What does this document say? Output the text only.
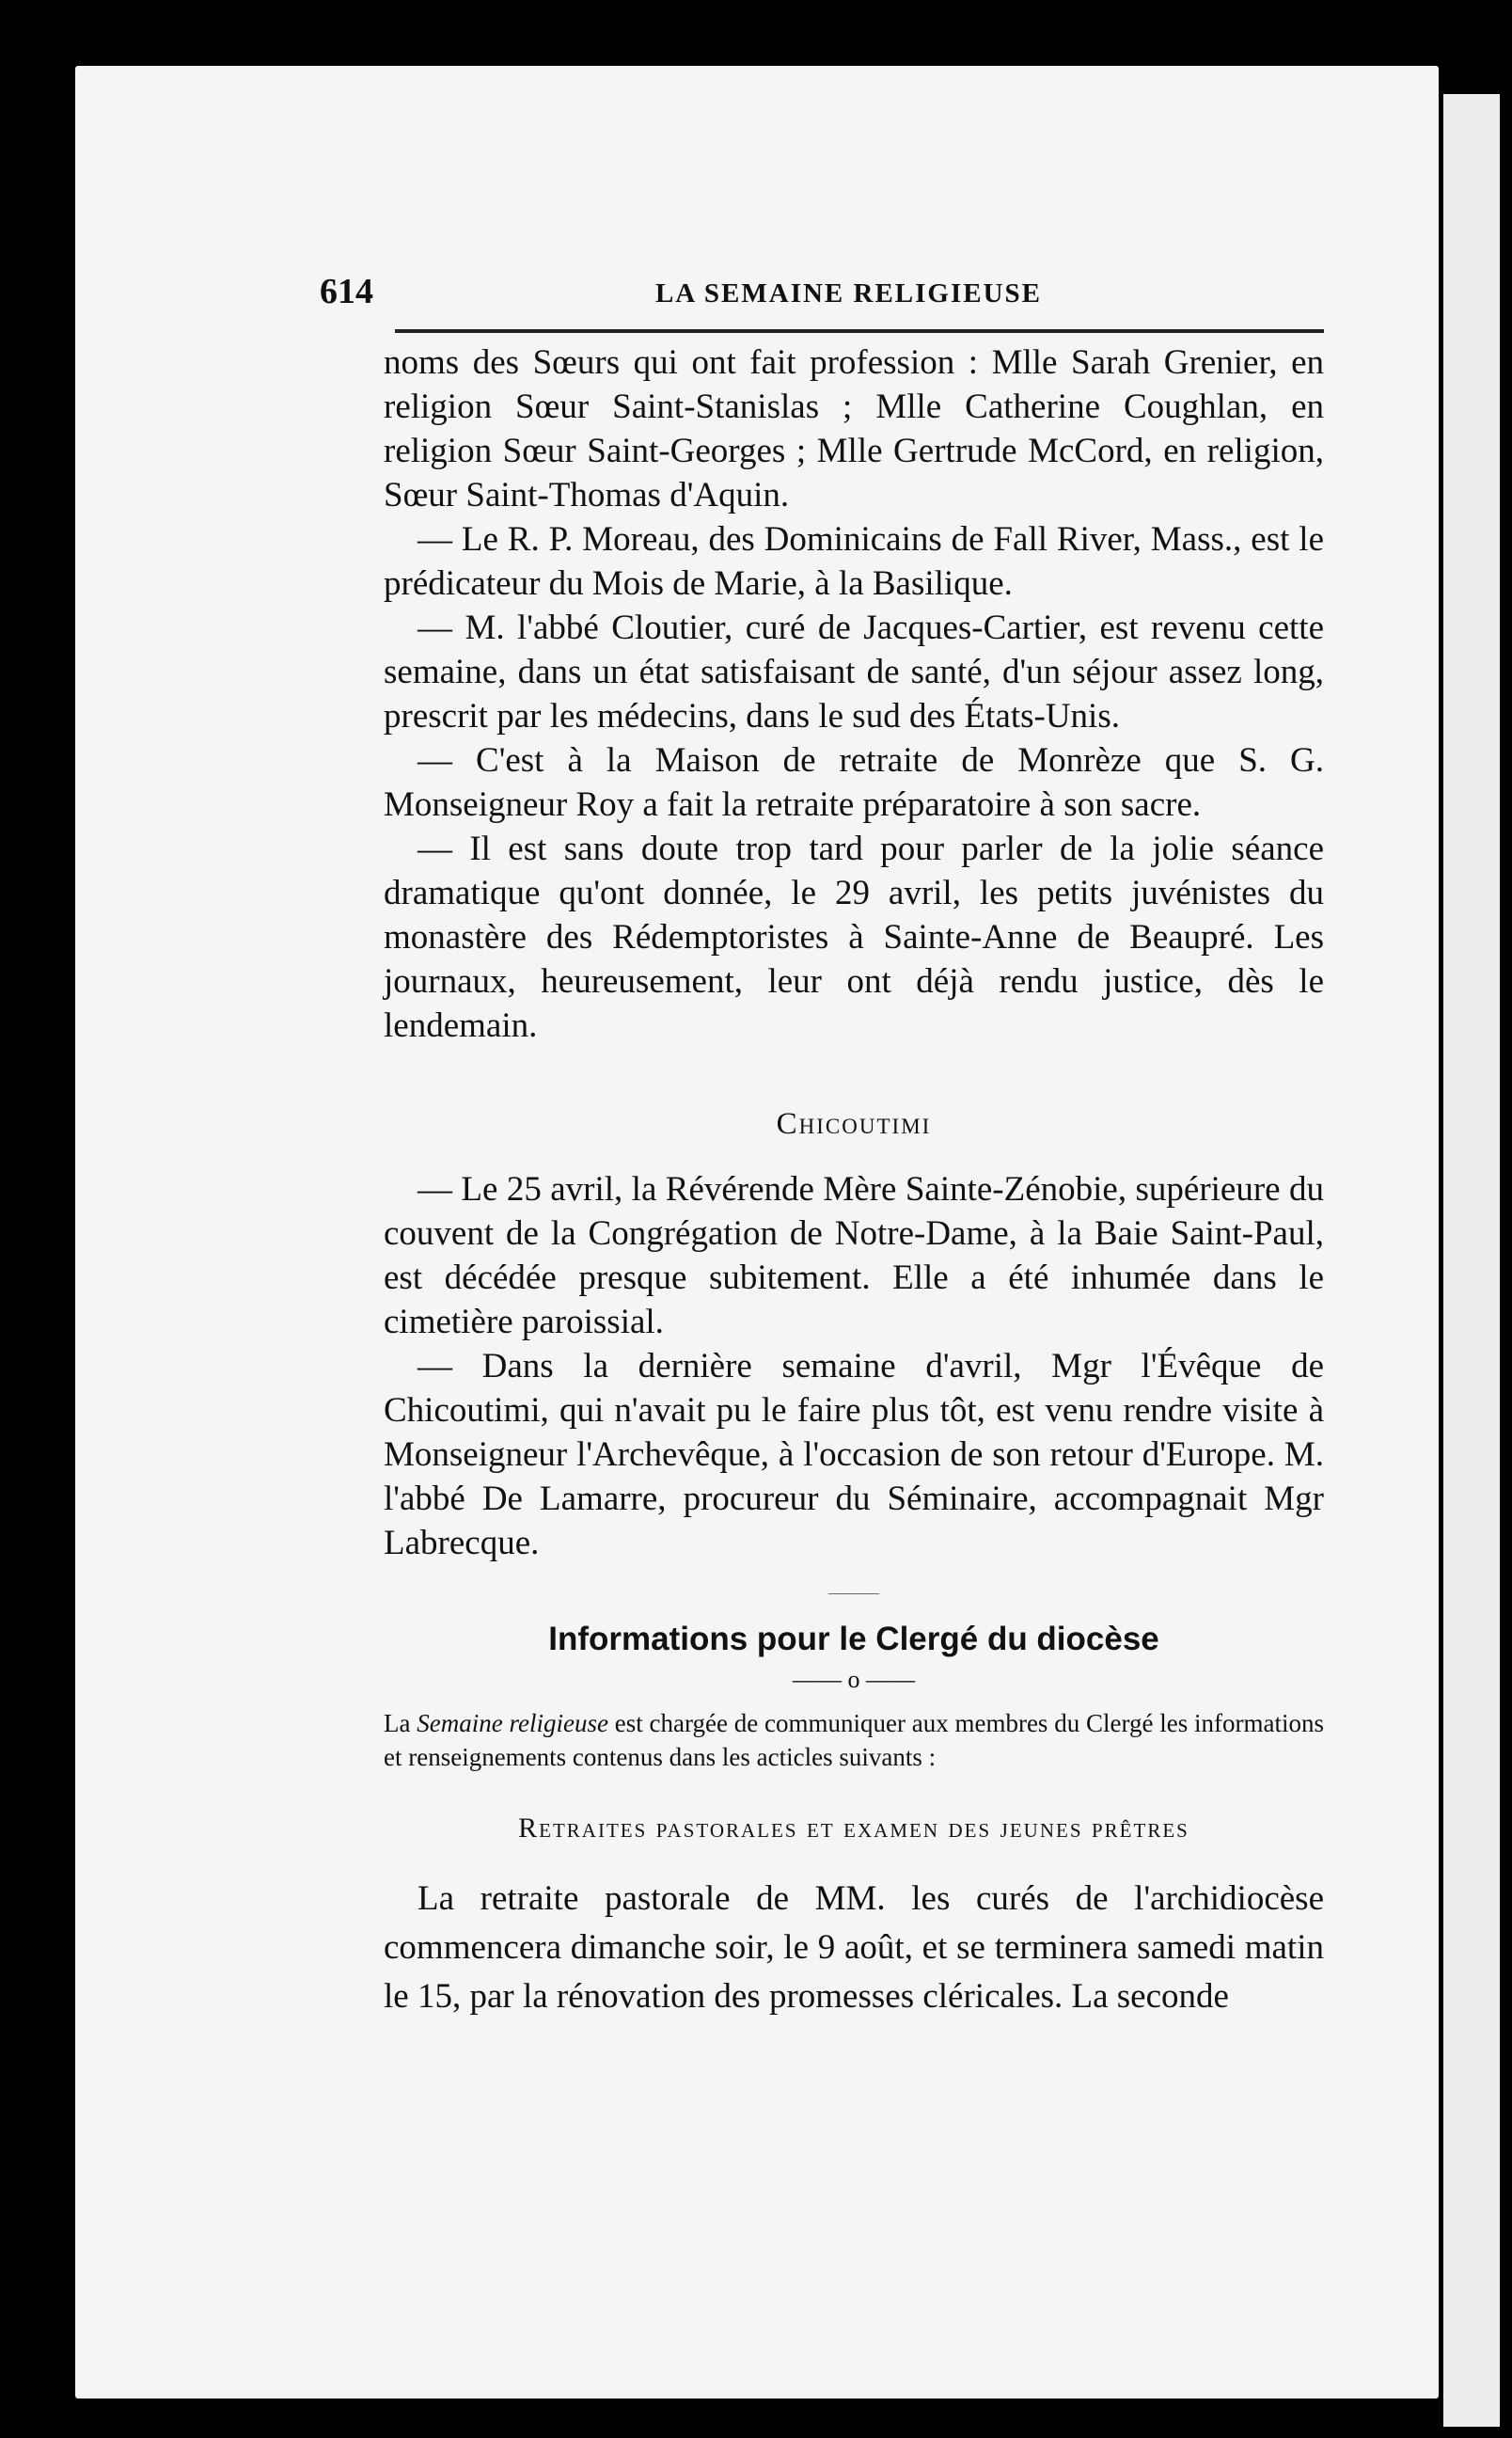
614	LA SEMAINE RELIGIEUSE

noms des Sœurs qui ont fait profession : Mlle Sarah Grenier, en religion Sœur Saint-Stanislas ; Mlle Catherine Coughlan, en religion Sœur Saint-Georges ; Mlle Gertrude McCord, en religion, Sœur Saint-Thomas d'Aquin.

— Le R. P. Moreau, des Dominicains de Fall River, Mass., est le prédicateur du Mois de Marie, à la Basilique.

— M. l'abbé Cloutier, curé de Jacques-Cartier, est revenu cette semaine, dans un état satisfaisant de santé, d'un séjour assez long, prescrit par les médecins, dans le sud des États-Unis.

— C'est à la Maison de retraite de Monrèze que S. G. Monseigneur Roy a fait la retraite préparatoire à son sacre.

— Il est sans doute trop tard pour parler de la jolie séance dramatique qu'ont donnée, le 29 avril, les petits juvénistes du monastère des Rédemptoristes à Sainte-Anne de Beaupré. Les journaux, heureusement, leur ont déjà rendu justice, dès le lendemain.

Chicoutimi

— Le 25 avril, la Révérende Mère Sainte-Zénobie, supérieure du couvent de la Congrégation de Notre-Dame, à la Baie Saint-Paul, est décédée presque subitement. Elle a été inhumée dans le cimetière paroissial.

— Dans la dernière semaine d'avril, Mgr l'Évêque de Chicoutimi, qui n'avait pu le faire plus tôt, est venu rendre visite à Monseigneur l'Archevêque, à l'occasion de son retour d'Europe. M. l'abbé De Lamarre, procureur du Séminaire, accompagnait Mgr Labrecque.

———
Informations pour le Clergé du diocèse
—— o ——
La Semaine religieuse est chargée de communiquer aux membres du Clergé les informations et renseignements contenus dans les acticles suivants :
Retraites pastorales et examen des jeunes prêtres

La retraite pastorale de MM. les curés de l'archidiocèse commencera dimanche soir, le 9 août, et se terminera samedi matin le 15, par la rénovation des promesses cléricales. La seconde
